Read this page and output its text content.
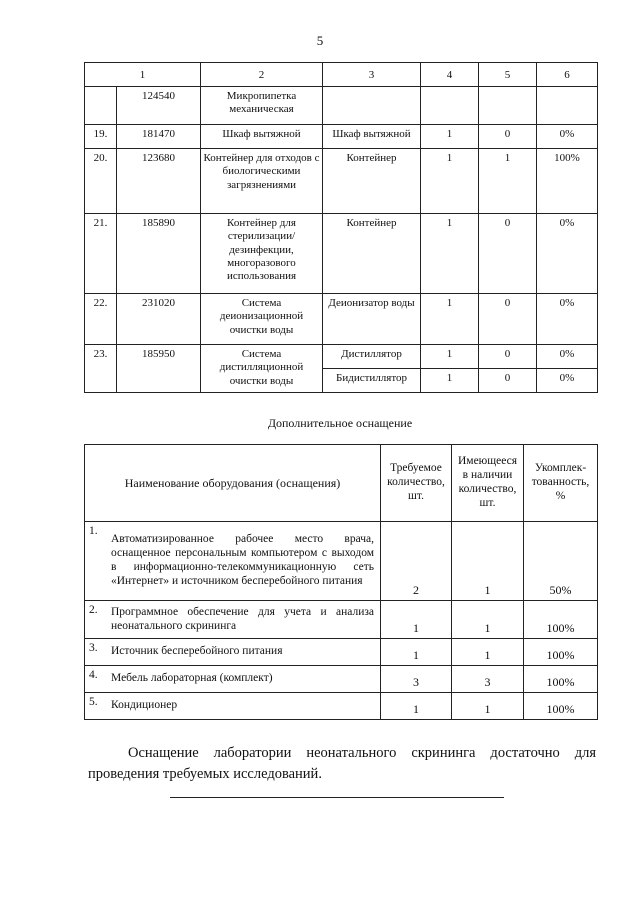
5
1		2	3	4	5	6
	124540	Микропипетка механическая				
19.	181470	Шкаф вытяжной	Шкаф вытяжной	1	0	0%
20.	123680	Контейнер для отходов с биологическими загрязнениями	Контейнер	1	1	100%
21.	185890	Контейнер для стерилизации/ дезинфекции, многоразового использования	Контейнер	1	0	0%
22.	231020	Система деионизационной очистки воды	Деионизатор воды	1	0	0%
23.	185950	Система дистилляционной очистки воды	Дистиллятор	1	0	0%
			Бидистиллятор	1	0	0%
Дополнительное оснащение
Наименование оборудования (оснащения)	Требуемое количество, шт.	Имеющееся в наличии количество, шт.	Укомплек-тованность, %

1.
Автоматизированное рабочее место врача, оснащенное персональным компьютером с выходом в информационно-телекоммуникационную сеть «Интернет» и источником бесперебойного питания	2	1	50%

2. Программное обеспечение для учета и анализа неонатального скрининга	1	1	100%

3. Источник бесперебойного питания	1	1	100%

4. Мебель лабораторная (комплект)	3	3	100%

5. Кондиционер	1	1	100%
Оснащение лаборатории неонатального скрининга достаточно для проведения требуемых исследований.
